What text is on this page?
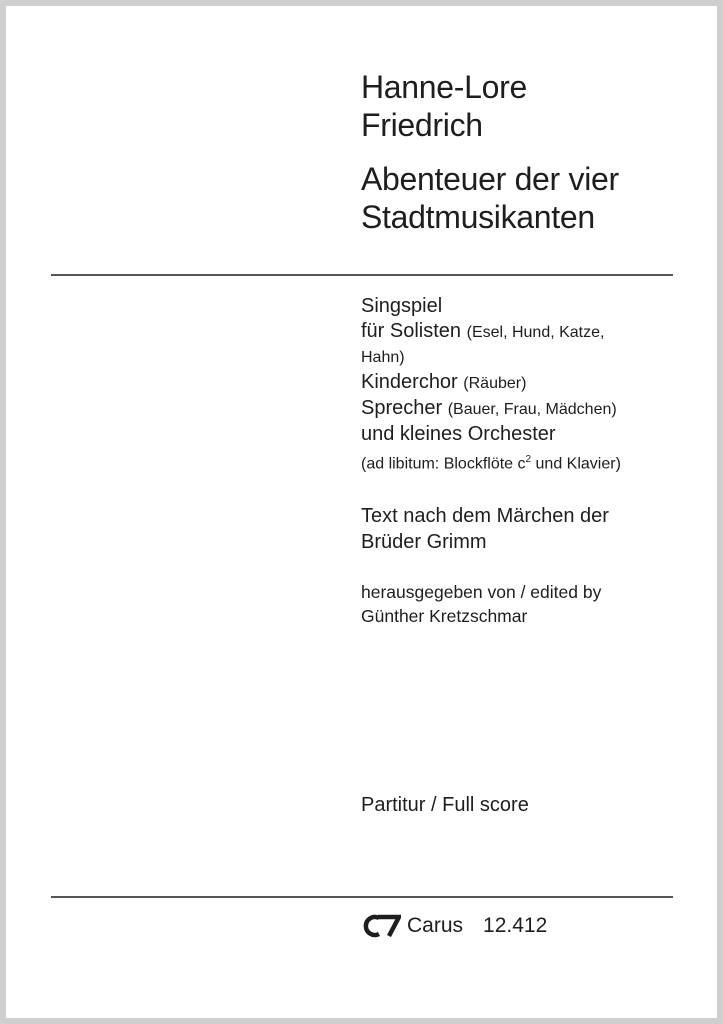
Hanne-Lore
Friedrich
Abenteuer der vier
Stadtmusikanten
Singspiel
für Solisten (Esel, Hund, Katze,
Hahn)
Kinderchor (Räuber)
Sprecher (Bauer, Frau, Mädchen)
und kleines Orchester
(ad libitum: Blockflöte $c^2$ und Klavier)
Text nach dem Märchen der
Brüder Grimm
herausgegeben von / edited by
Günther Kretzschmar
Partitur / Full score
Carus 12.412
